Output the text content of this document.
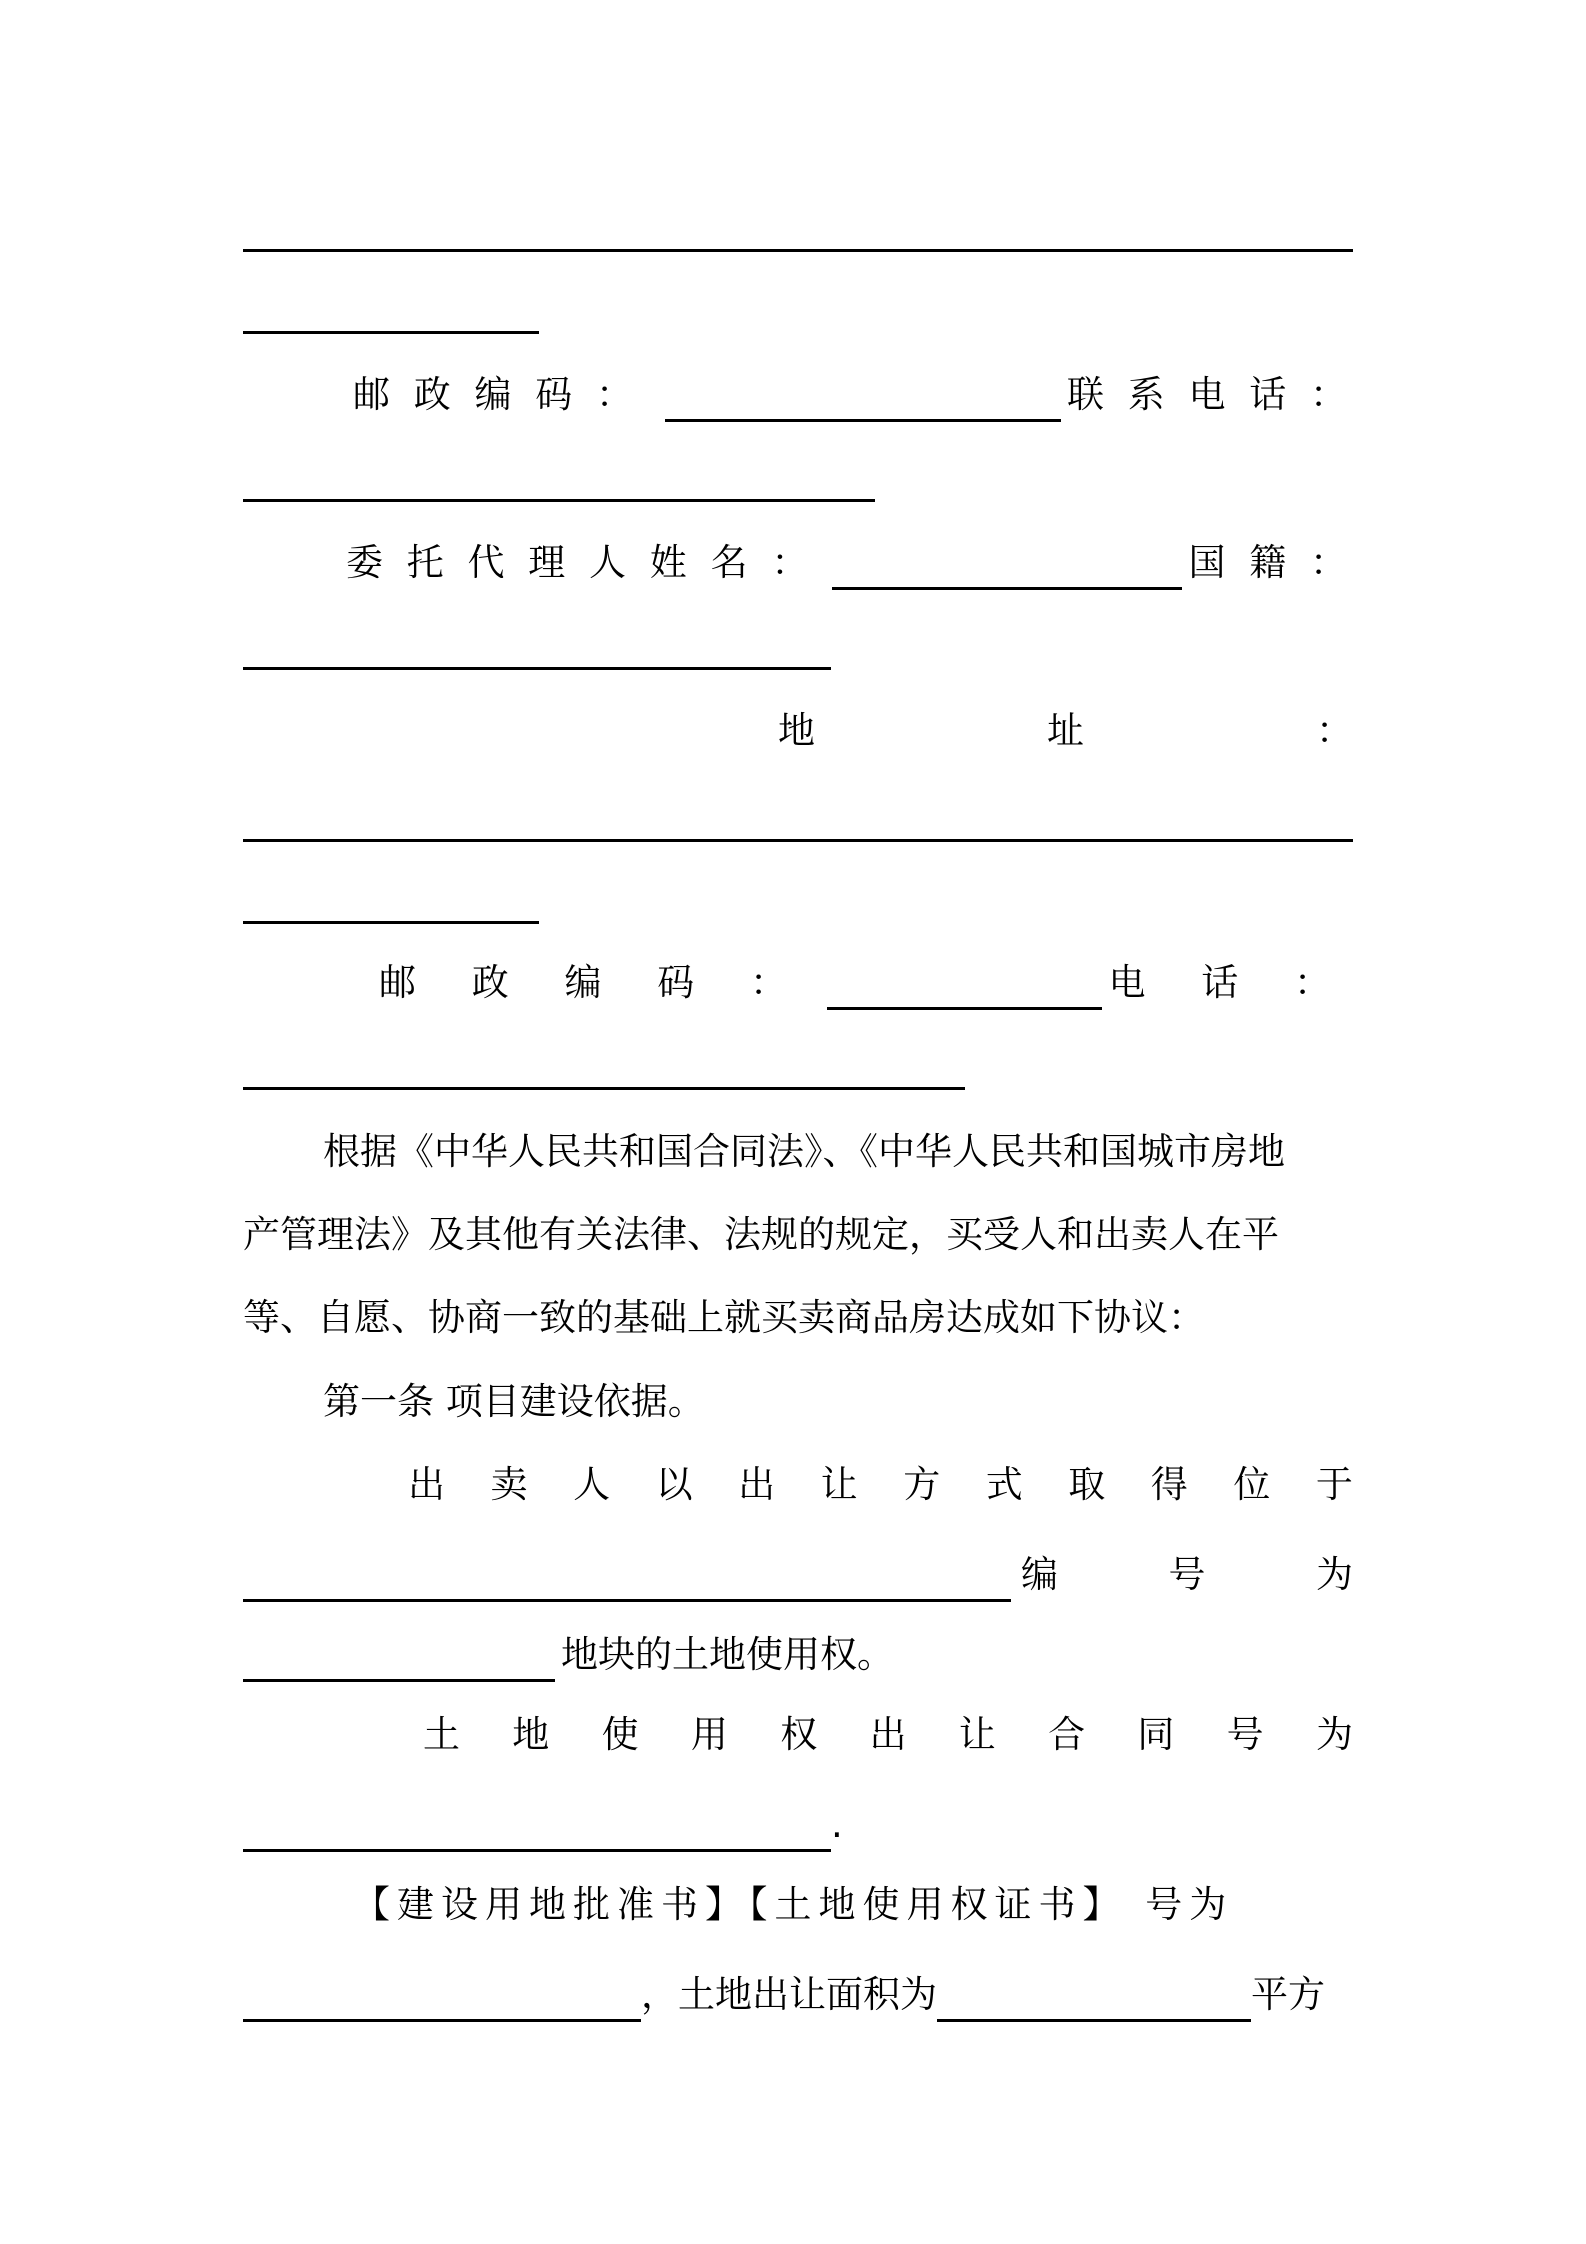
邮 政 编 码 ：	联 系 电 话 ：
委 托 代 理 人 姓 名 ：	国 籍 ：
地	址	：
邮 政 编 码 ：	电 话 ：
根据《中华人民共和国合同法》、《中华人民共和国城市房地
产管理法》及其他有关法律、法规的规定，买受人和出卖人在平
等、自愿、协商一致的基础上就买卖商品房达成如下协议：
第一条 项目建设依据。
出 卖 人 以 出 让 方 式 取 得 位 于
编	号	为
地块的土地使用权。
土 地 使 用 权 出 让 合 同 号 为
.
【建设用地批准书】【土地使用权证书】 号为
，土地出让面积为	平方
